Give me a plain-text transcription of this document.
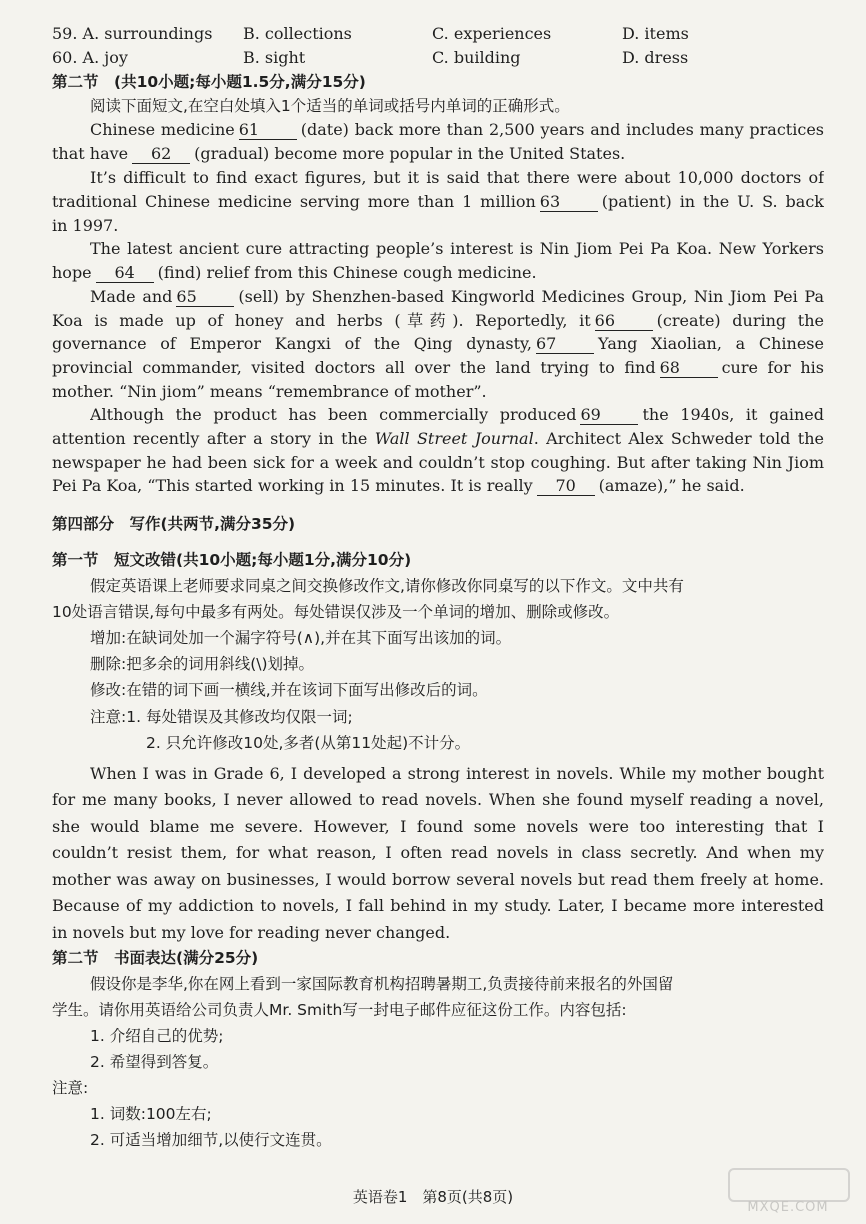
59. A. surroundings B. collections	C. experiences	D. items
60. A. joy	B. sight	C. building	D. dress
第二节　(共10小题;每小题1.5分,满分15分)
阅读下面短文,在空白处填入1个适当的单词或括号内单词的正确形式。
Chinese medicine 61	(date) back more than 2,500 years and includes many practices
that have 62 (gradual) become more popular in the United States.
It’s difficult to find exact figures, but it is said that there were about 10,000 doctors of
traditional Chinese medicine serving more than 1 million 63	(patient) in the U. S. back
in 1997.
The latest ancient cure attracting people’s interest is Nin Jiom Pei Pa Koa. New Yorkers
hope 64 (find) relief from this Chinese cough medicine.
Made and 65	(sell) by Shenzhen-based Kingworld Medicines Group, Nin Jiom Pei Pa
Koa is made up of honey and herbs (草药). Reportedly, it 66	(create) during the
governance of Emperor Kangxi of the Qing dynasty, 67	Yang Xiaolian, a Chinese
provincial commander, visited doctors all over the land trying to find 68	cure for his
mother. “Nin jiom” means “remembrance of mother”.
Although the product has been commercially produced 69	the 1940s, it gained
attention recently after a story in the Wall Street Journal. Architect Alex Schweder told the
newspaper he had been sick for a week and couldn’t stop coughing. But after taking Nin Jiom
Pei Pa Koa, “This started working in 15 minutes. It is really 70 (amaze),” he said.
第四部分　写作(共两节,满分35分)
第一节　短文改错(共10小题;每小题1分,满分10分)
假定英语课上老师要求同桌之间交换修改作文,请你修改你同桌写的以下作文。文中共有
10处语言错误,每句中最多有两处。每处错误仅涉及一个单词的增加、删除或修改。
增加:在缺词处加一个漏字符号(∧),并在其下面写出该加的词。
删除:把多余的词用斜线(\)划掉。
修改:在错的词下画一横线,并在该词下面写出修改后的词。
注意:1. 每处错误及其修改均仅限一词;
2. 只允许修改10处,多者(从第11处起)不计分。
When I was in Grade 6, I developed a strong interest in novels. While my mother bought
for me many books, I never allowed to read novels. When she found myself reading a novel,
she would blame me severe. However, I found some novels were too interesting that I
couldn’t resist them, for what reason, I often read novels in class secretly. And when my
mother was away on businesses, I would borrow several novels but read them freely at home.
Because of my addiction to novels, I fall behind in my study. Later, I became more interested
in novels but my love for reading never changed.
第二节　书面表达(满分25分)
假设你是李华,你在网上看到一家国际教育机构招聘暑期工,负责接待前来报名的外国留
学生。请你用英语给公司负责人Mr. Smith写一封电子邮件应征这份工作。内容包括:
1. 介绍自己的优势;
2. 希望得到答复。
注意:
1. 词数:100左右;
2. 可适当增加细节,以使行文连贯。
英语卷1　第8页(共8页)
MXQE.COM
